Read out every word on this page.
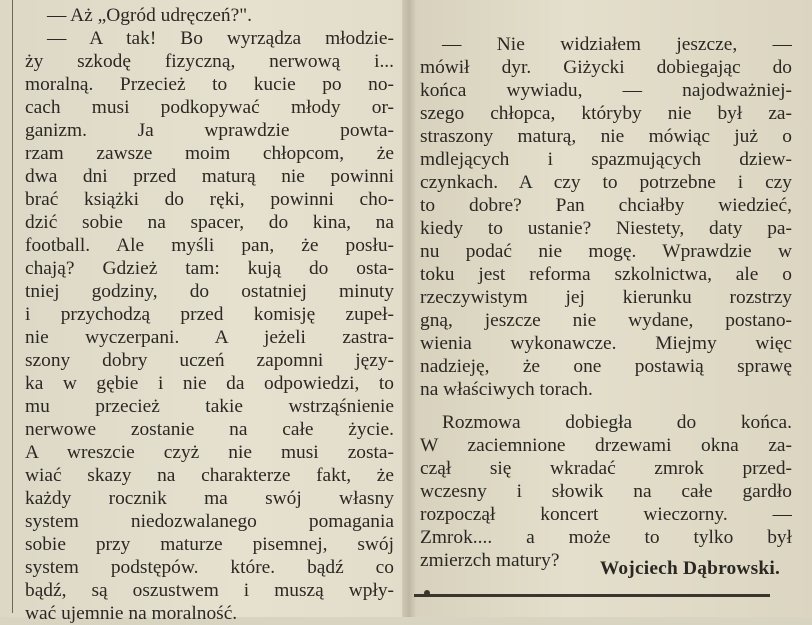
— Aż „Ogród udręczeń?".
— A tak! Bo wyrządza młodzie-
ży szkodę fizyczną, nerwową i...
moralną. Przecież to kucie po no-
cach musi podkopywać młody or-
ganizm. Ja wprawdzie powta-
rzam zawsze moim chłopcom, że
dwa dni przed maturą nie powinni
brać książki do ręki, powinni cho-
dzić sobie na spacer, do kina, na
football. Ale myśli pan, że posłu-
chają? Gdzież tam: kują do osta-
tniej godziny, do ostatniej minuty
i przychodzą przed komisję zupeł-
nie wyczerpani. A jeżeli zastra-
szony dobry uczeń zapomni języ-
ka w gębie i nie da odpowiedzi, to
mu przecież takie wstrząśnienie
nerwowe zostanie na całe życie.
A wreszcie czyż nie musi zosta-
wiać skazy na charakterze fakt, że
każdy rocznik ma swój własny
system niedozwalanego pomagania
sobie przy maturze pisemnej, swój
system podstępów. które. bądź co
bądź, są oszustwem i muszą wpły-
wać ujemnie na moralność.
— Nie widziałem jeszcze, —
mówił dyr. Giżycki dobiegając do
końca wywiadu, — najodważniej-
szego chłopca, któryby nie był za-
straszony maturą, nie mówiąc już o
mdlejących i spazmujących dziew-
czynkach. A czy to potrzebne i czy
to dobre? Pan chciałby wiedzieć,
kiedy to ustanie? Niestety, daty pa-
nu podać nie mogę. Wprawdzie w
toku jest reforma szkolnictwa, ale o
rzeczywistym jej kierunku rozstrzy
gną, jeszcze nie wydane, postano-
wienia wykonawcze. Miejmy więc
nadzieję, że one postawią sprawę
na właściwych torach.
Rozmowa dobiegła do końca.
W zaciemnione drzewami okna za-
czął się wkradać zmrok przed-
wczesny i słowik na całe gardło
rozpoczął koncert wieczorny. —
Zmrok.... a może to tylko był
zmierzch matury?	Wojciech Dąbrowski.
